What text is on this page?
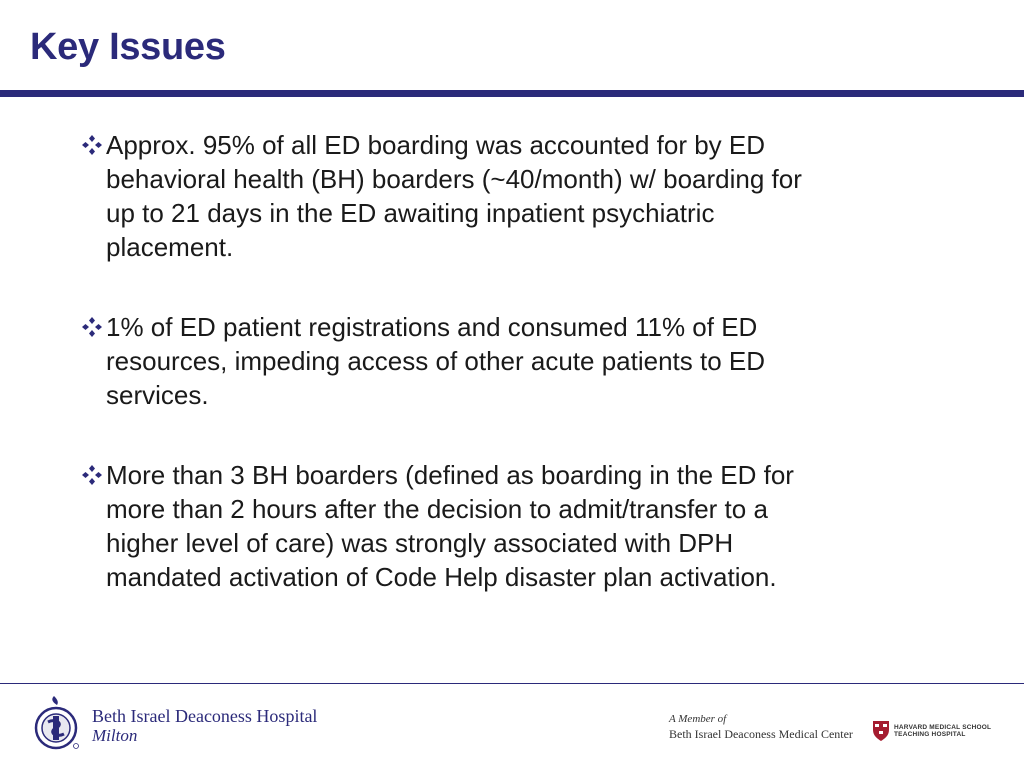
Key Issues
Approx. 95% of all ED boarding was accounted for by ED behavioral health (BH) boarders (~40/month) w/ boarding for up to 21 days in the ED awaiting inpatient psychiatric placement.
1% of ED patient registrations and consumed 11% of ED resources, impeding access of other acute patients to ED services.
More than 3 BH boarders (defined as boarding in the ED for more than 2 hours after the decision to admit/transfer to a higher level of care) was strongly associated with DPH mandated activation of Code Help disaster plan activation.
Beth Israel Deaconess Hospital
Milton
A Member of
Beth Israel Deaconess Medical Center	HARVARD MEDICAL SCHOOL
TEACHING HOSPITAL
